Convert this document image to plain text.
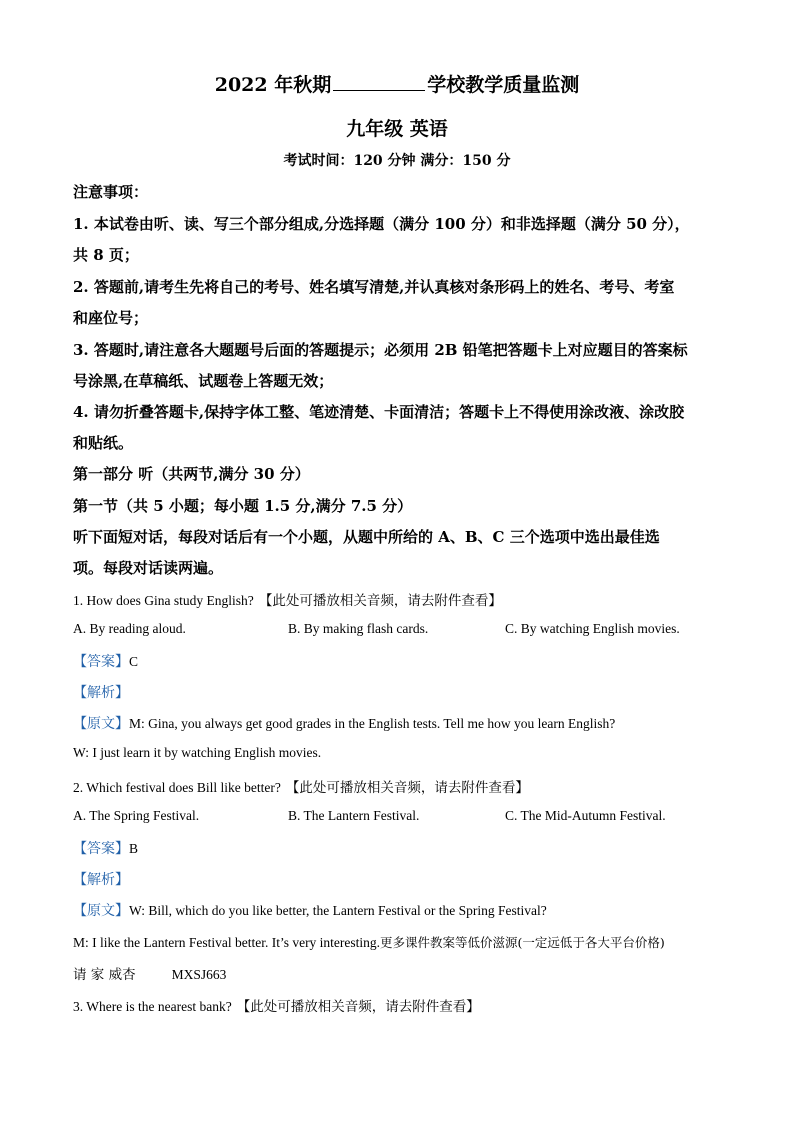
2022 年秋期	学校教学质量监测
九年级 英语
考试时间：120 分钟 满分：150 分
注意事项：
1. 本试卷由听、读、写三个部分组成,分选择题（满分 100 分）和非选择题（满分 50 分），
共 8 页；
2. 答题前,请考生先将自己的考号、姓名填写清楚,并认真核对条形码上的姓名、考号、考室
和座位号；
3. 答题时,请注意各大题题号后面的答题提示；必须用 2B 铅笔把答题卡上对应题目的答案标
号涂黑,在草稿纸、试题卷上答题无效；
4. 请勿折叠答题卡,保持字体工整、笔迹清楚、卡面清洁；答题卡上不得使用涂改液、涂改胶
和贴纸。
第一部分 听（共两节,满分 30 分）
第一节（共 5 小题；每小题 1.5 分,满分 7.5 分）
听下面短对话，每段对话后有一个小题，从题中所给的 A、B、C 三个选项中选出最佳选
项。每段对话读两遍。
1. How does Gina study English? 【此处可播放相关音频，请去附件查看】
A. By reading aloud.	B. By making flash cards.	C. By watching English movies.
【答案】C
【解析】
【原文】M: Gina, you always get good grades in the English tests. Tell me how you learn English?
W: I just learn it by watching English movies.
2. Which festival does Bill like better? 【此处可播放相关音频，请去附件查看】
A. The Spring Festival.	B. The Lantern Festival.	C. The Mid-Autumn Festival.
【答案】B
【解析】
【原文】W: Bill, which do you like better, the Lantern Festival or the Spring Festival?
M: I like the Lantern Festival better. It’s very interesting.更多课件教案等低价滋源(一定远低于各大平台价格)
请 家 威杏	MXSJ663
3. Where is the nearest bank? 【此处可播放相关音频，请去附件查看】
